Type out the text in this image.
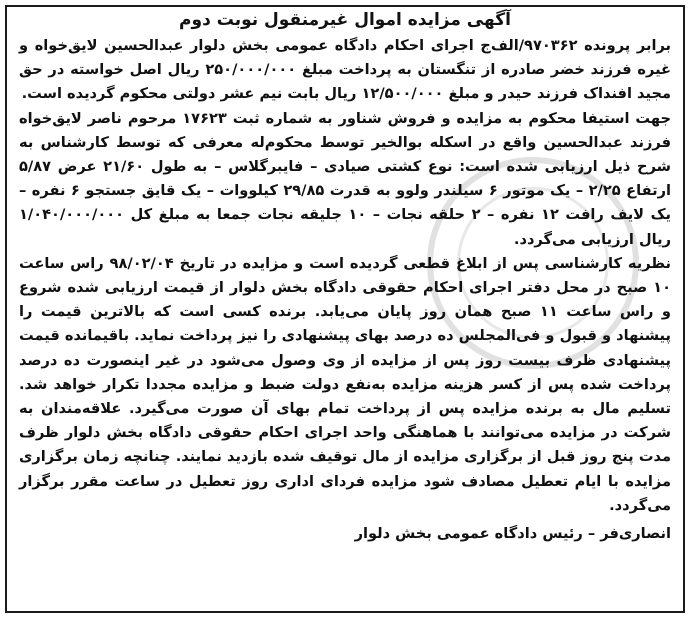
آگهی مزایده اموال غیرمنقول نوبت دوم

برابر پرونده ۹۷۰۳۶۲/الف‌ج اجرای احکام دادگاه عمومی بخش دلوار عبدالحسین لایق‌خواه و غیره فرزند خضر صادره از تنگستان به پرداخت مبلغ ۲۵۰/۰۰۰/۰۰۰ ریال اصل خواسته در حق مجید افنداک فرزند حیدر و مبلغ ۱۲/۵۰۰/۰۰۰ ریال بابت نیم عشر دولتی محکوم گردیده است.

جهت استیفا محکوم به مزایده و فروش شناور به شماره ثبت ۱۷۶۲۳ مرحوم ناصر لایق‌خواه فرزند عبدالحسین واقع در اسکله بوالخیر توسط محکوم‌له معرفی که توسط کارشناس به شرح ذیل ارزیابی شده است: نوع کشتی صیادی – فایبرگلاس – به طول ۲۱/۶۰ عرض ۵/۸۷ ارتفاع ۲/۲۵ – یک موتور ۶ سیلندر ولوو به قدرت ۲۹/۸۵ کیلووات – یک قایق جستجو ۶ نفره – یک لایف رافت ۱۲ نفره – ۲ حلقه نجات – ۱۰ جلیقه نجات جمعا به مبلغ کل ۱/۰۴۰/۰۰۰/۰۰۰ ریال ارزیابی می‌گردد.

نظریه کارشناسی پس از ابلاغ قطعی گردیده است و مزایده در تاریخ ۹۸/۰۲/۰۴ راس ساعت ۱۰ صبح در محل دفتر اجرای احکام حقوقی دادگاه بخش دلوار از قیمت ارزیابی شده شروع و راس ساعت ۱۱ صبح همان روز پایان می‌یابد. برنده کسی است که بالاترین قیمت را پیشنهاد و قبول و فی‌المجلس ده درصد بهای پیشنهادی را نیز پرداخت نماید. باقیمانده قیمت پیشنهادی ظرف بیست روز پس از مزایده از وی وصول می‌شود در غیر اینصورت ده درصد پرداخت شده پس از کسر هزینه مزایده به‌نفع دولت ضبط و مزایده مجددا تکرار خواهد شد. تسلیم مال به برنده مزایده پس از پرداخت تمام بهای آن صورت می‌گیرد. علاقه‌مندان به شرکت در مزایده می‌توانند با هماهنگی واحد اجرای احکام حقوقی دادگاه بخش دلوار ظرف مدت پنج روز قبل از برگزاری مزایده از مال توقیف شده بازدید نمایند. چنانچه زمان برگزاری مزایده با ایام تعطیل مصادف شود مزایده فردای اداری روز تعطیل در ساعت مقرر برگزار می‌گردد.

انصاری‌فر – رئیس دادگاه عمومی بخش دلوار
